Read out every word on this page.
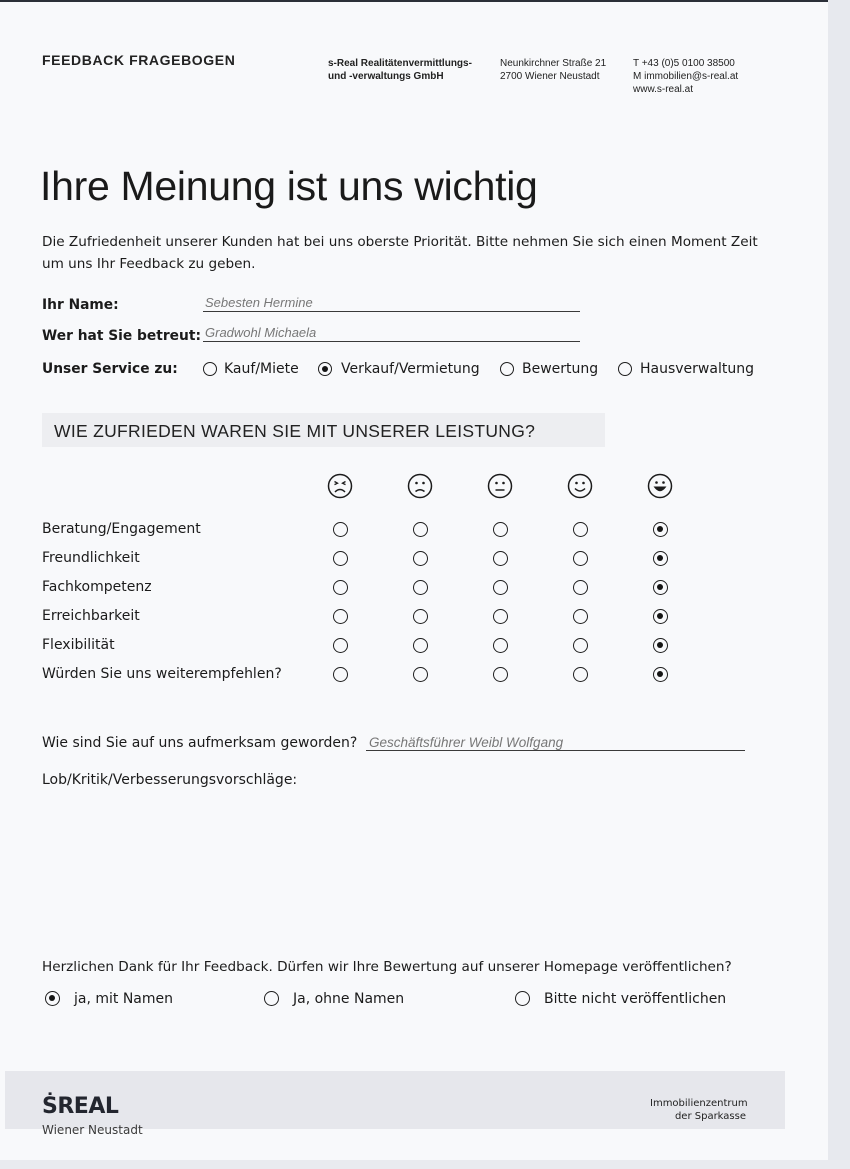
FEEDBACK FRAGEBOGEN	s-Real Realitätenvermittlungs-
und -verwaltungs GmbH
Neunkirchner Straße 21
2700 Wiener Neustadt
T +43 (0)5 0100 38500
M immobilien@s-real.at
www.s-real.at
Ihre Meinung ist uns wichtig
Die Zufriedenheit unserer Kunden hat bei uns oberste Priorität. Bitte nehmen Sie sich einen Moment Zeit
um uns Ihr Feedback zu geben.
Ihr Name:	Sebesten Hermine
Wer hat Sie betreut: Gradwohl Michaela
Unser Service zu:	Kauf/Miete	Verkauf/Vermietung	Bewertung	Hausverwaltung
WIE ZUFRIEDEN WAREN SIE MIT UNSERER LEISTUNG?
Beratung/Engagement
Freundlichkeit
Fachkompetenz
Erreichbarkeit
Flexibilität
Würden Sie uns weiterempfehlen?
Wie sind Sie auf uns aufmerksam geworden? Geschäftsführer Weibl Wolfgang
Lob/Kritik/Verbesserungsvorschläge:
Herzlichen Dank für Ihr Feedback. Dürfen wir Ihre Bewertung auf unserer Homepage veröffentlichen?
ja, mit Namen	Ja, ohne Namen	Bitte nicht veröffentlichen
ṠREAL
Wiener Neustadt
Immobilienzentrum
der Sparkasse
